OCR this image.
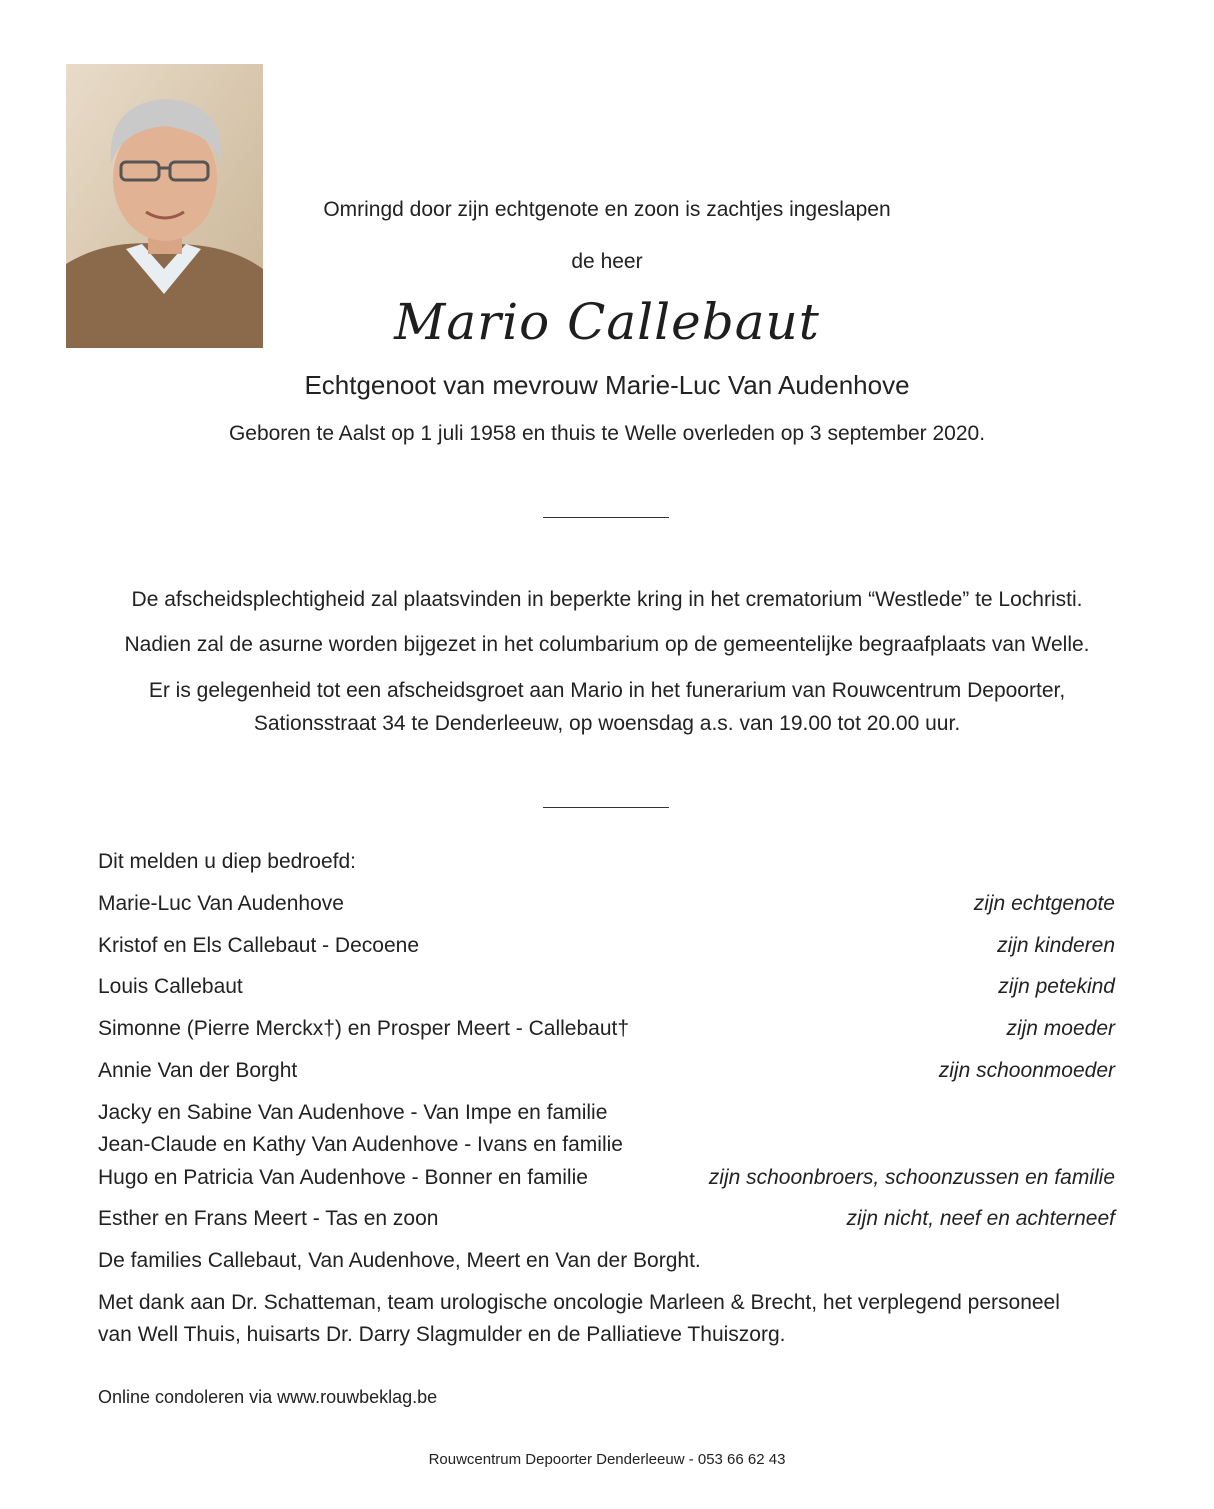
Omringd door zijn echtgenote en zoon is zachtjes ingeslapen
de heer
Mario Callebaut
Echtgenoot van mevrouw Marie-Luc Van Audenhove
Geboren te Aalst op 1 juli 1958 en thuis te Welle overleden op 3 september 2020.
De afscheidsplechtigheid zal plaatsvinden in beperkte kring in het crematorium “Westlede” te Lochristi.
Nadien zal de asurne worden bijgezet in het columbarium op de gemeentelijke begraafplaats van Welle.
Er is gelegenheid tot een afscheidsgroet aan Mario in het funerarium van Rouwcentrum Depoorter,
Sationsstraat 34 te Denderleeuw, op woensdag a.s. van 19.00 tot 20.00 uur.
Dit melden u diep bedroefd:
Marie-Luc Van Audenhove	zijn echtgenote
Kristof en Els Callebaut - Decoene	zijn kinderen
Louis Callebaut	zijn petekind
Simonne (Pierre Merckx†) en Prosper Meert - Callebaut†	zijn moeder
Annie Van der Borght	zijn schoonmoeder
Jacky en Sabine Van Audenhove - Van Impe en familie
Jean-Claude en Kathy Van Audenhove - Ivans en familie
Hugo en Patricia Van Audenhove - Bonner en familie	zijn schoonbroers, schoonzussen en familie
Esther en Frans Meert - Tas en zoon	zijn nicht, neef en achterneef
De families Callebaut, Van Audenhove, Meert en Van der Borght.
Met dank aan Dr. Schatteman, team urologische oncologie Marleen & Brecht, het verplegend personeel
van Well Thuis, huisarts Dr. Darry Slagmulder en de Palliatieve Thuiszorg.
Online condoleren via www.rouwbeklag.be
Rouwcentrum Depoorter Denderleeuw - 053 66 62 43
